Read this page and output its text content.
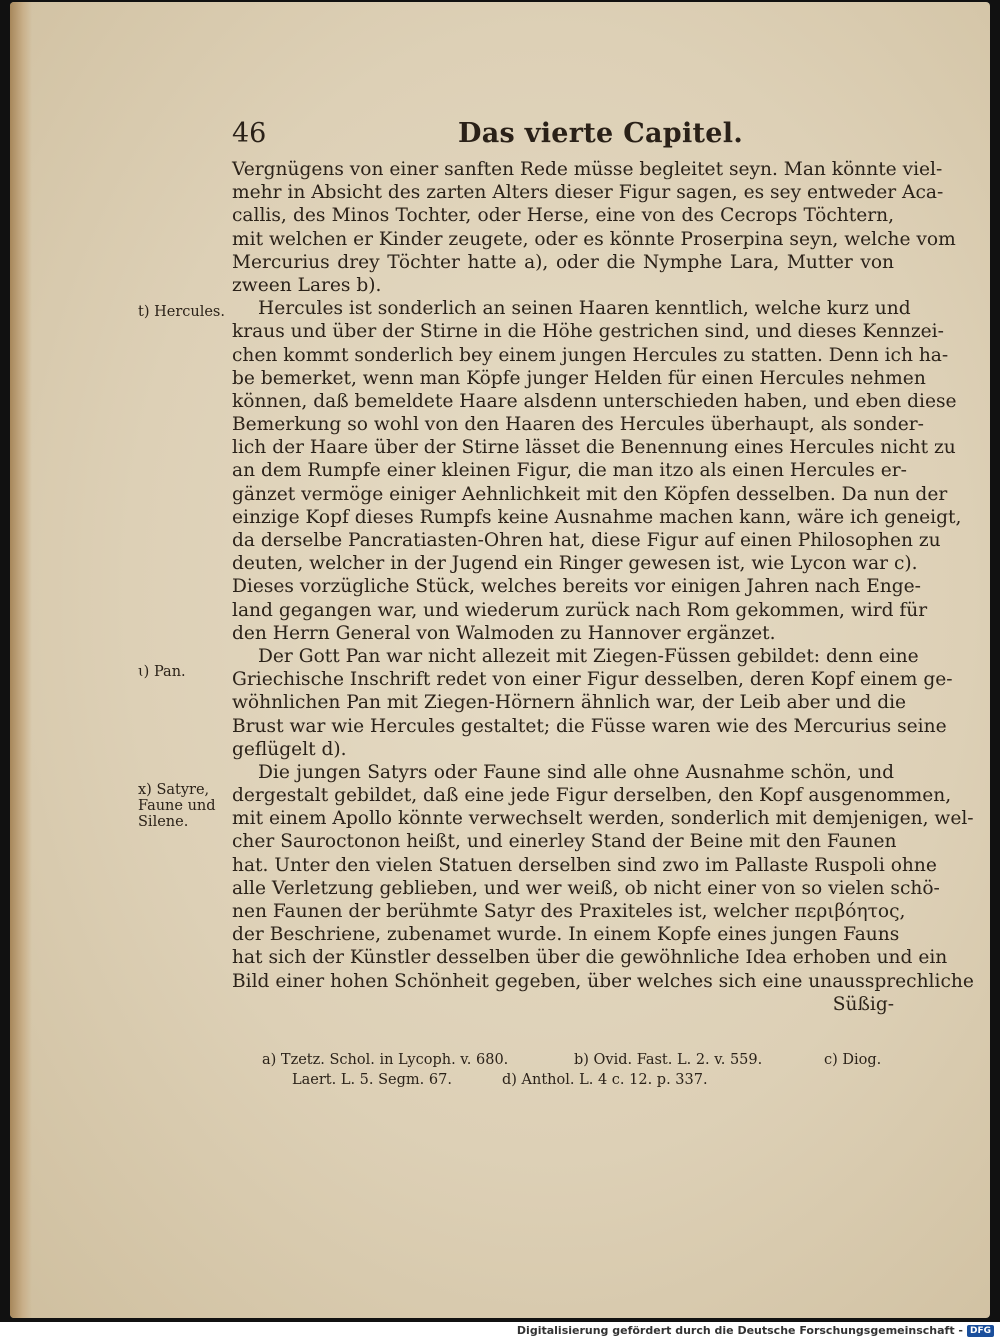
46	Das vierte Capitel.
Vergnügens von einer sanften Rede müsse begleitet seyn. Man könnte viel-
mehr in Absicht des zarten Alters dieser Figur sagen, es sey entweder Aca-
callis, des Minos Tochter, oder Herse, eine von des Cecrops Töchtern,
mit welchen er Kinder zeugete, oder es könnte Proserpina seyn, welche vom
Mercurius drey Töchter hatte a), oder die Nymphe Lara, Mutter von
zween Lares b).
Hercules ist sonderlich an seinen Haaren kenntlich, welche kurz und
kraus und über der Stirne in die Höhe gestrichen sind, und dieses Kennzei-
chen kommt sonderlich bey einem jungen Hercules zu statten. Denn ich ha-
be bemerket, wenn man Köpfe junger Helden für einen Hercules nehmen
können, daß bemeldete Haare alsdenn unterschieden haben, und eben diese
Bemerkung so wohl von den Haaren des Hercules überhaupt, als sonder-
lich der Haare über der Stirne lässet die Benennung eines Hercules nicht zu
an dem Rumpfe einer kleinen Figur, die man itzo als einen Hercules er-
gänzet vermöge einiger Aehnlichkeit mit den Köpfen desselben. Da nun der
einzige Kopf dieses Rumpfs keine Ausnahme machen kann, wäre ich geneigt,
da derselbe Pancratiasten-Ohren hat, diese Figur auf einen Philosophen zu
deuten, welcher in der Jugend ein Ringer gewesen ist, wie Lycon war c).
Dieses vorzügliche Stück, welches bereits vor einigen Jahren nach Enge-
land gegangen war, und wiederum zurück nach Rom gekommen, wird für
den Herrn General von Walmoden zu Hannover ergänzet.
Der Gott Pan war nicht allezeit mit Ziegen-Füssen gebildet: denn eine
Griechische Inschrift redet von einer Figur desselben, deren Kopf einem ge-
wöhnlichen Pan mit Ziegen-Hörnern ähnlich war, der Leib aber und die
Brust war wie Hercules gestaltet; die Füsse waren wie des Mercurius seine
geflügelt d).
Die jungen Satyrs oder Faune sind alle ohne Ausnahme schön, und
dergestalt gebildet, daß eine jede Figur derselben, den Kopf ausgenommen,
mit einem Apollo könnte verwechselt werden, sonderlich mit demjenigen, wel-
cher Sauroctonon heißt, und einerley Stand der Beine mit den Faunen
hat. Unter den vielen Statuen derselben sind zwo im Pallaste Ruspoli ohne
alle Verletzung geblieben, und wer weiß, ob nicht einer von so vielen schö-
nen Faunen der berühmte Satyr des Praxiteles ist, welcher περιβόητος,
der Beschriene, zubenamet wurde. In einem Kopfe eines jungen Fauns
hat sich der Künstler desselben über die gewöhnliche Idea erhoben und ein
Bild einer hohen Schönheit gegeben, über welches sich eine unaussprechliche
Süßig-
t) Hercules.
ɩ) Pan.
x) Satyre, Faune und Silene.
a) Tzetz. Schol. in Lycoph. v. 680.	b) Ovid. Fast. L. 2. v. 559.	c) Diog.
Laert. L. 5. Segm. 67.	d) Anthol. L. 4 c. 12. p. 337.
Digitalisierung gefördert durch die Deutsche Forschungsgemeinschaft - DFG
